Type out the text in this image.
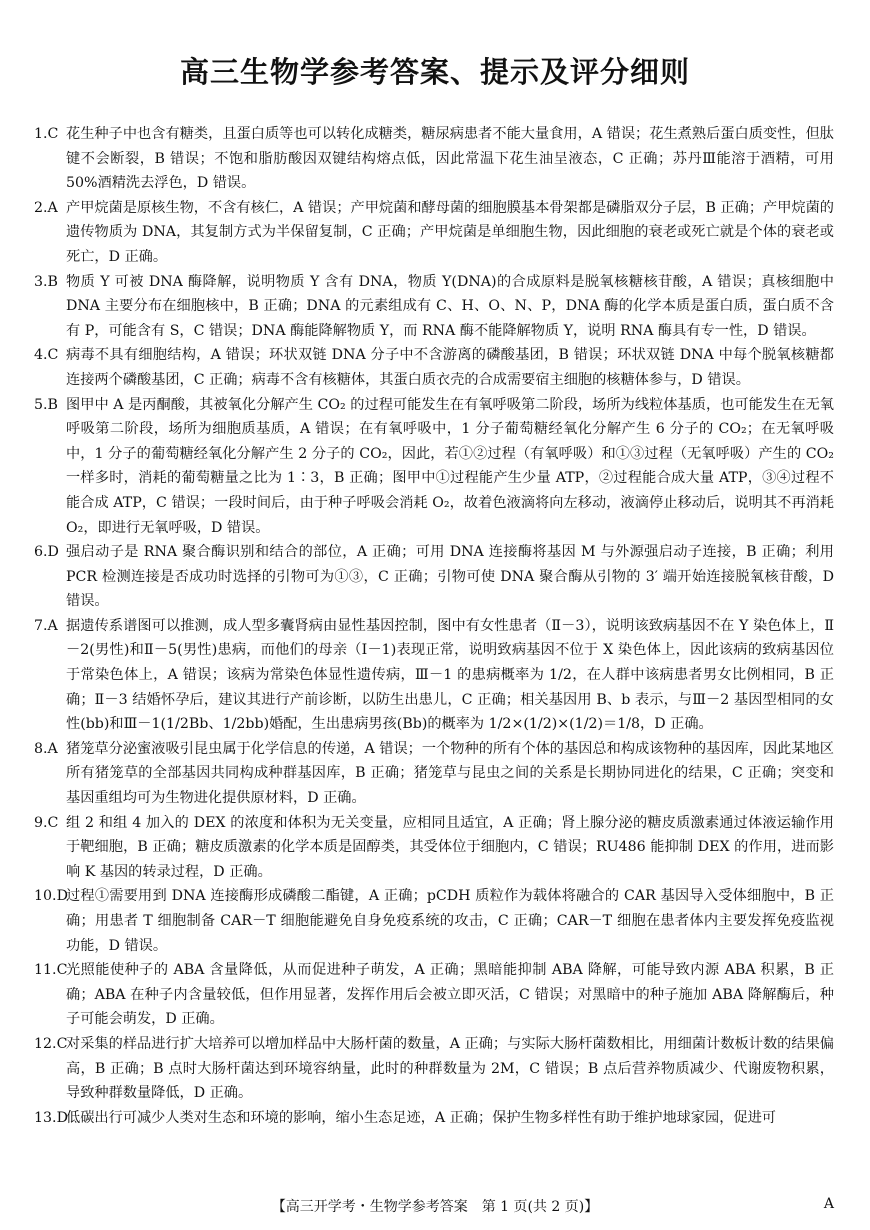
高三生物学参考答案、提示及评分细则
1.C 花生种子中也含有糖类，且蛋白质等也可以转化成糖类，糖尿病患者不能大量食用，A 错误；花生煮熟后蛋白质变性，但肽键不会断裂，B 错误；不饱和脂肪酸因双键结构熔点低，因此常温下花生油呈液态，C 正确；苏丹Ⅲ能溶于酒精，可用 50%酒精洗去浮色，D 错误。
2.A 产甲烷菌是原核生物，不含有核仁，A 错误；产甲烷菌和酵母菌的细胞膜基本骨架都是磷脂双分子层，B 正确；产甲烷菌的遗传物质为 DNA，其复制方式为半保留复制，C 正确；产甲烷菌是单细胞生物，因此细胞的衰老或死亡就是个体的衰老或死亡，D 正确。
3.B 物质 Y 可被 DNA 酶降解，说明物质 Y 含有 DNA，物质 Y(DNA)的合成原料是脱氧核糖核苷酸，A 错误；真核细胞中 DNA 主要分布在细胞核中，B 正确；DNA 的元素组成有 C、H、O、N、P，DNA 酶的化学本质是蛋白质，蛋白质不含有 P，可能含有 S，C 错误；DNA 酶能降解物质 Y，而 RNA 酶不能降解物质 Y，说明 RNA 酶具有专一性，D 错误。
4.C 病毒不具有细胞结构，A 错误；环状双链 DNA 分子中不含游离的磷酸基团，B 错误；环状双链 DNA 中每个脱氧核糖都连接两个磷酸基团，C 正确；病毒不含有核糖体，其蛋白质衣壳的合成需要宿主细胞的核糖体参与，D 错误。
5.B 图甲中 A 是丙酮酸，其被氧化分解产生 CO₂ 的过程可能发生在有氧呼吸第二阶段，场所为线粒体基质，也可能发生在无氧呼吸第二阶段，场所为细胞质基质，A 错误；在有氧呼吸中，1 分子葡萄糖经氧化分解产生 6 分子的 CO₂；在无氧呼吸中，1 分子的葡萄糖经氧化分解产生 2 分子的 CO₂，因此，若①②过程（有氧呼吸）和①③过程（无氧呼吸）产生的 CO₂ 一样多时，消耗的葡萄糖量之比为 1∶3，B 正确；图甲中①过程能产生少量 ATP，②过程能合成大量 ATP，③④过程不能合成 ATP，C 错误；一段时间后，由于种子呼吸会消耗 O₂，故着色液滴将向左移动，液滴停止移动后，说明其不再消耗 O₂，即进行无氧呼吸，D 错误。
6.D 强启动子是 RNA 聚合酶识别和结合的部位，A 正确；可用 DNA 连接酶将基因 M 与外源强启动子连接，B 正确；利用 PCR 检测连接是否成功时选择的引物可为①③，C 正确；引物可使 DNA 聚合酶从引物的 3′ 端开始连接脱氧核苷酸，D 错误。
7.A 据遗传系谱图可以推测，成人型多囊肾病由显性基因控制，图中有女性患者（Ⅱ－3），说明该致病基因不在 Y 染色体上，Ⅱ－2(男性)和Ⅱ－5(男性)患病，而他们的母亲（Ⅰ－1)表现正常，说明致病基因不位于 X 染色体上，因此该病的致病基因位于常染色体上，A 错误；该病为常染色体显性遗传病，Ⅲ－1 的患病概率为 1/2，在人群中该病患者男女比例相同，B 正确；Ⅱ－3 结婚怀孕后，建议其进行产前诊断，以防生出患儿，C 正确；相关基因用 B、b 表示，与Ⅲ－2 基因型相同的女性(bb)和Ⅲ－1(1/2Bb、1/2bb)婚配，生出患病男孩(Bb)的概率为 1/2×(1/2)×(1/2)＝1/8，D 正确。
8.A 猪笼草分泌蜜液吸引昆虫属于化学信息的传递，A 错误；一个物种的所有个体的基因总和构成该物种的基因库，因此某地区所有猪笼草的全部基因共同构成种群基因库，B 正确；猪笼草与昆虫之间的关系是长期协同进化的结果，C 正确；突变和基因重组均可为生物进化提供原材料，D 正确。
9.C 组 2 和组 4 加入的 DEX 的浓度和体积为无关变量，应相同且适宜，A 正确；肾上腺分泌的糖皮质激素通过体液运输作用于靶细胞，B 正确；糖皮质激素的化学本质是固醇类，其受体位于细胞内，C 错误；RU486 能抑制 DEX 的作用，进而影响 K 基因的转录过程，D 正确。
10.D
过程①需要用到 DNA 连接酶形成磷酸二酯键，A 正确；pCDH 质粒作为载体将融合的 CAR 基因导入受体细胞中，B 正确；用患者 T 细胞制备 CAR－T 细胞能避免自身免疫系统的攻击，C 正确；CAR－T 细胞在患者体内主要发挥免疫监视功能，D 错误。
11.C
光照能使种子的 ABA 含量降低，从而促进种子萌发，A 正确；黑暗能抑制 ABA 降解，可能导致内源 ABA 积累，B 正确；ABA 在种子内含量较低，但作用显著，发挥作用后会被立即灭活，C 错误；对黑暗中的种子施加 ABA 降解酶后，种子可能会萌发，D 正确。
12.C
对采集的样品进行扩大培养可以增加样品中大肠杆菌的数量，A 正确；与实际大肠杆菌数相比，用细菌计数板计数的结果偏高，B 正确；B 点时大肠杆菌达到环境容纳量，此时的种群数量为 2M，C 错误；B 点后营养物质减少、代谢废物积累，导致种群数量降低，D 正确。
13.D
低碳出行可减少人类对生态和环境的影响，缩小生态足迹，A 正确；保护生物多样性有助于维护地球家园，促进可
【高三开学考・生物学参考答案　第 1 页(共 2 页)】	A
